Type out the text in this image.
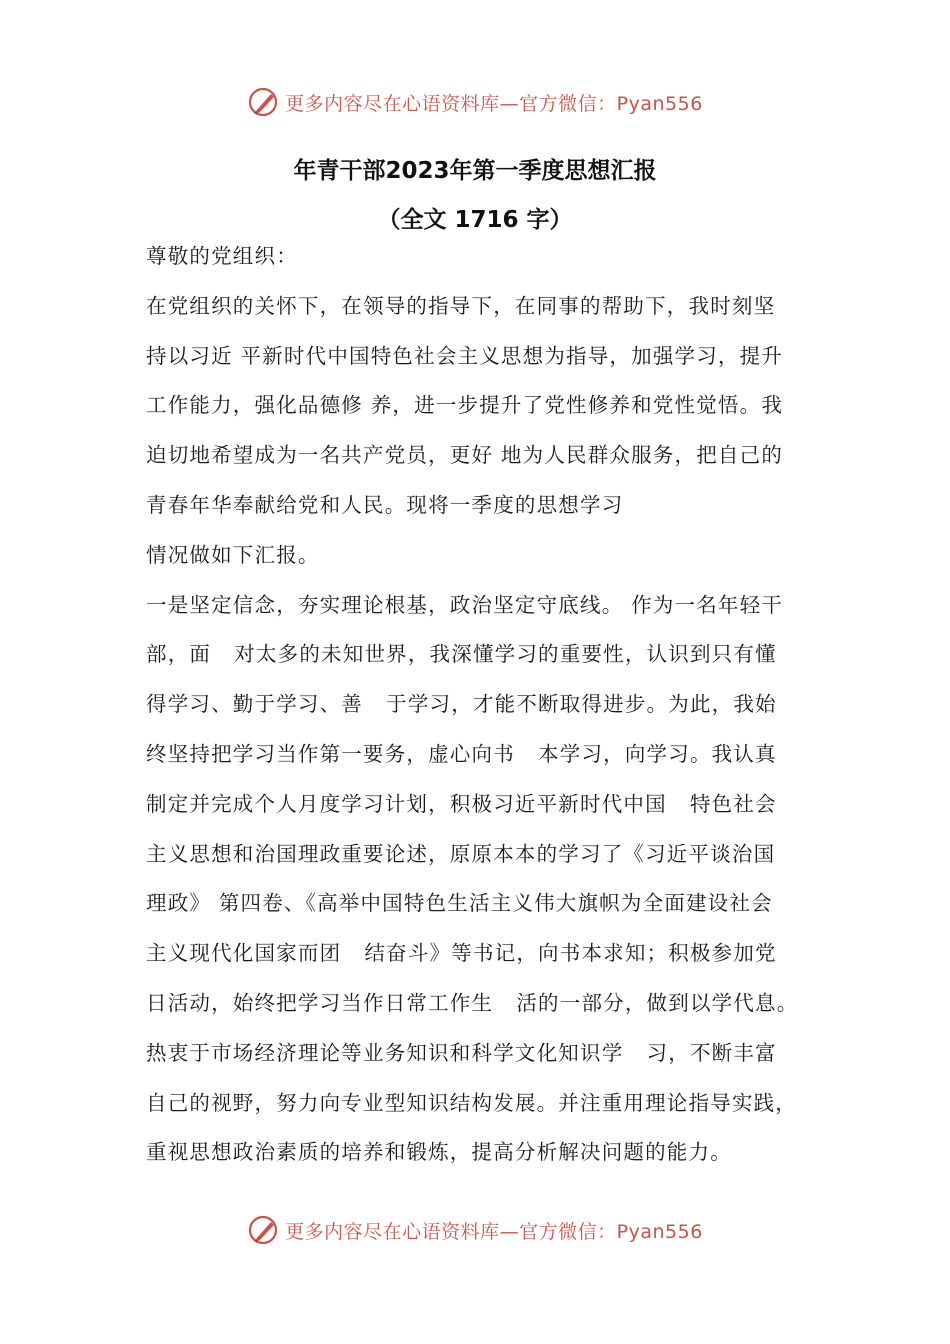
更多内容尽在心语资料库—官方微信：Pyan556
年青干部2023年第一季度思想汇报
（全文 1716 字）
尊敬的党组织：
在党组织的关怀下，在领导的指导下，在同事的帮助下，我时刻坚
持以习近 平新时代中国特色社会主义思想为指导，加强学习，提升
工作能力，强化品德修 养，进一步提升了党性修养和党性觉悟。我
迫切地希望成为一名共产党员，更好 地为人民群众服务，把自己的
青春年华奉献给党和人民。现将一季度的思想学习
情况做如下汇报。
一是坚定信念，夯实理论根基，政治坚定守底线。 作为一名年轻干
部，面   对太多的未知世界，我深懂学习的重要性，认识到只有懂
得学习、勤于学习、善   于学习，才能不断取得进步。为此，我始
终坚持把学习当作第一要务，虚心向书   本学习，向学习。我认真
制定并完成个人月度学习计划，积极习近平新时代中国   特色社会
主义思想和治国理政重要论述，原原本本的学习了《习近平谈治国
理政》 第四卷、《高举中国特色生活主义伟大旗帜为全面建设社会
主义现代化国家而团   结奋斗》等书记，向书本求知；积极参加党
日活动，始终把学习当作日常工作生   活的一部分，做到以学代息。
热衷于市场经济理论等业务知识和科学文化知识学   习，不断丰富
自己的视野，努力向专业型知识结构发展。并注重用理论指导实践，
重视思想政治素质的培养和锻炼，提高分析解决问题的能力。
更多内容尽在心语资料库—官方微信：Pyan556
